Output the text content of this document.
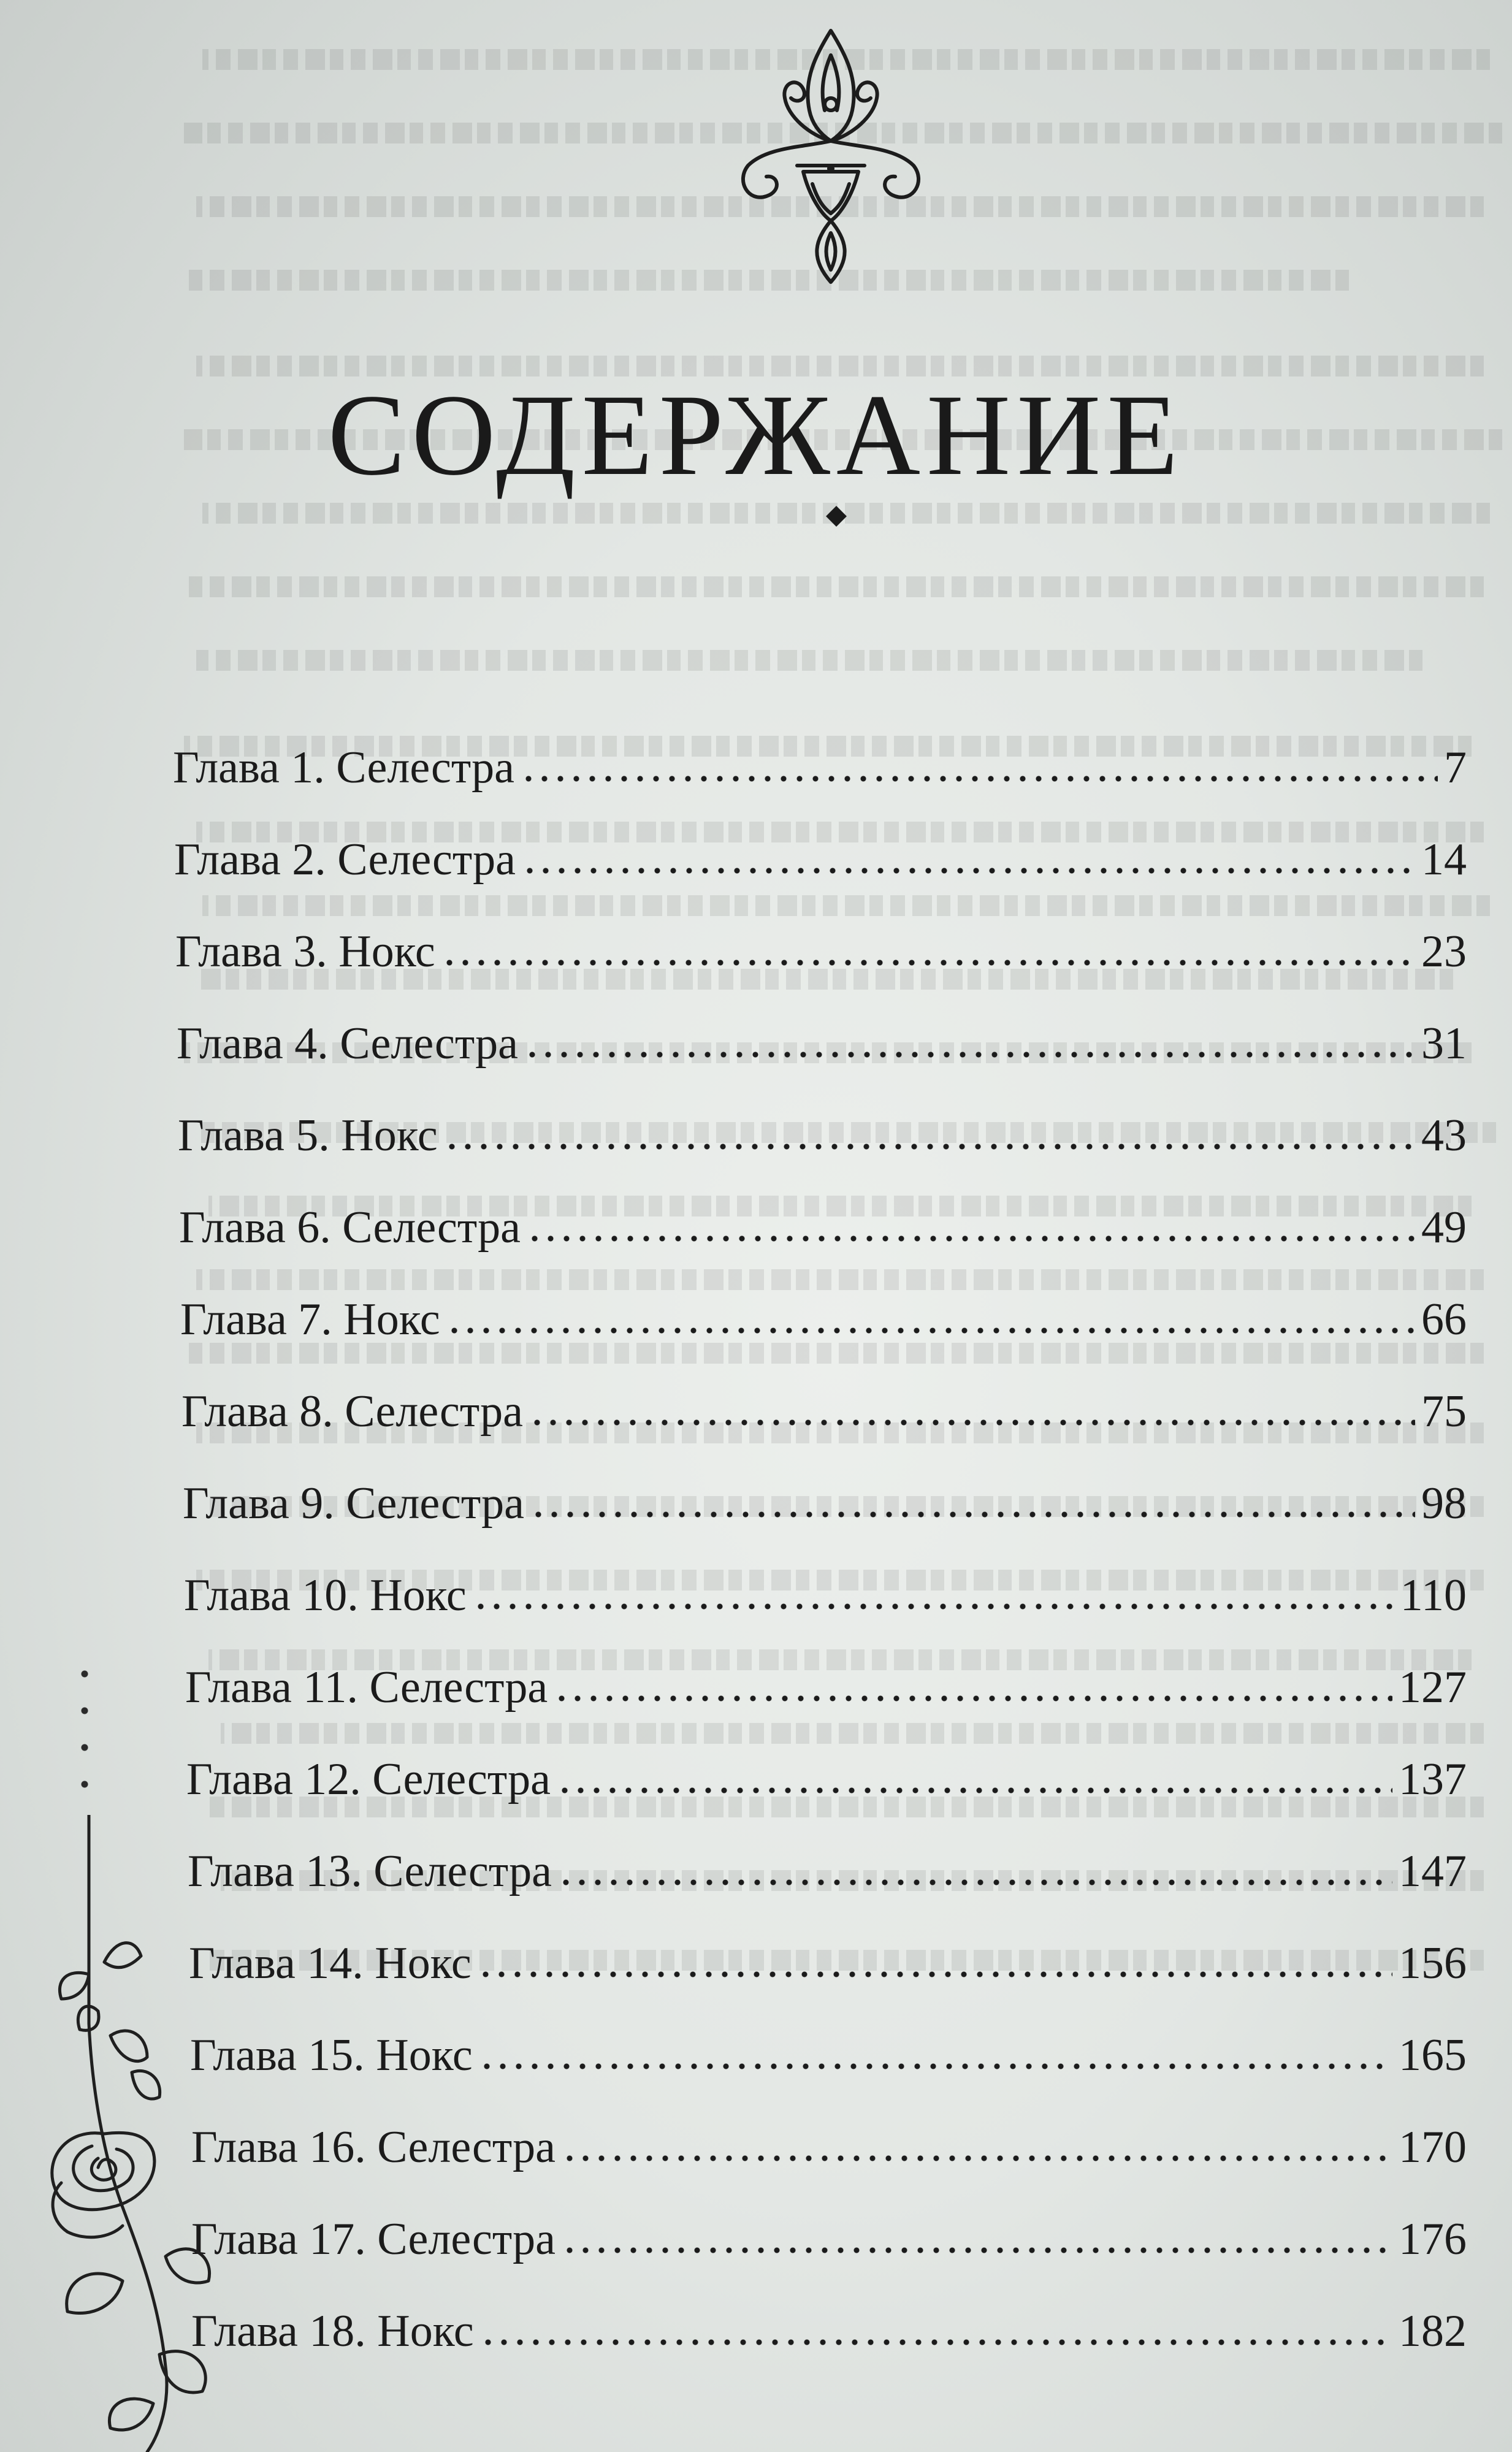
СОДЕРЖАНИЕ
Глава 1. Селестра	7
Глава 2. Селестра	14
Глава 3. Нокс	23
Глава 4. Селестра	31
Глава 5. Нокс	43
Глава 6. Селестра	49
Глава 7. Нокс	66
Глава 8. Селестра	75
Глава 9. Селестра	98
Глава 10. Нокс	110
Глава 11. Селестра	127
Глава 12. Селестра	137
Глава 13. Селестра	147
Глава 14. Нокс	156
Глава 15. Нокс	165
Глава 16. Селестра	170
Глава 17. Селестра	176
Глава 18. Нокс	182
